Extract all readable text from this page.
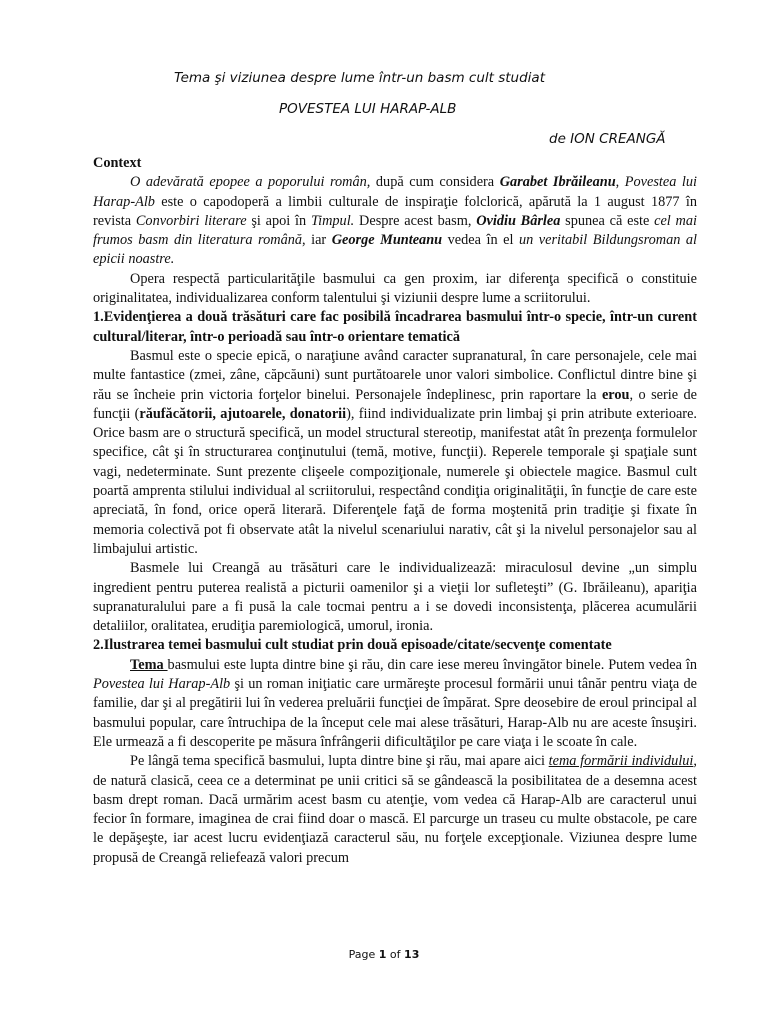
Tema şi viziunea despre lume într-un basm cult studiat
POVESTEA LUI HARAP-ALB
de ION CREANGĂ

Context

O adevărată epopee a poporului român, după cum considera Garabet Ibrăileanu, Povestea lui Harap-Alb este o capodoperă a limbii culturale de inspiraţie folclorică, apărută la 1 august 1877 în revista Convorbiri literare şi apoi în Timpul. Despre acest basm, Ovidiu Bârlea spunea că este cel mai frumos basm din literatura română, iar George Munteanu vedea în el un veritabil Bildungsroman al epicii noastre.

Opera respectă particularităţile basmului ca gen proxim, iar diferenţa specifică o constituie originalitatea, individualizarea conform talentului şi viziunii despre lume a scriitorului.

1.Evidenţierea a două trăsături care fac posibilă încadrarea basmului într-o specie, într-un curent cultural/literar, într-o perioadă sau într-o orientare tematică

Basmul este o specie epică, o naraţiune având caracter supranatural, în care personajele, cele mai multe fantastice (zmei, zâne, căpcăuni) sunt purtătoarele unor valori simbolice. Conflictul dintre bine şi rău se încheie prin victoria forţelor binelui. Personajele îndeplinesc, prin raportare la erou, o serie de funcţii (răufăcătorii, ajutoarele, donatorii), fiind individualizate prin limbaj şi prin atribute exterioare. Orice basm are o structură specifică, un model structural stereotip, manifestat atât în prezenţa formulelor specifice, cât şi în structurarea conţinutului (temă, motive, funcţii). Reperele temporale şi spaţiale sunt vagi, nedeterminate. Sunt prezente clişeele compoziţionale, numerele şi obiectele magice. Basmul cult poartă amprenta stilului individual al scriitorului, respectând condiţia originalităţii, în funcţie de care este apreciată, în fond, orice operă literară. Diferenţele faţă de forma moştenită prin tradiţie şi fixate în memoria colectivă pot fi observate atât la nivelul scenariului narativ, cât şi la nivelul personajelor sau al limbajului artistic.

Basmele lui Creangă au trăsături care le individualizează: miraculosul devine „un simplu ingredient pentru puterea realistă a picturii oamenilor şi a vieţii lor sufleteşti” (G. Ibrăileanu), apariţia supranaturalului pare a fi pusă la cale tocmai pentru a i se dovedi inconsistenţa, plăcerea acumulării detaliilor, oralitatea, erudiţia paremiologică, umorul, ironia.

2.Ilustrarea temei basmului cult studiat prin două episoade/citate/secvenţe comentate

Tema basmului este lupta dintre bine şi rău, din care iese mereu învingător binele. Putem vedea în Povestea lui Harap-Alb şi un roman iniţiatic care urmăreşte procesul formării unui tânăr pentru viaţa de familie, dar şi al pregătirii lui în vederea preluării funcţiei de împărat. Spre deosebire de eroul principal al basmului popular, care întruchipa de la început cele mai alese trăsături, Harap-Alb nu are aceste însuşiri. Ele urmează a fi descoperite pe măsura înfrângerii dificultăţilor pe care viaţa i le scoate în cale.

Pe lângă tema specifică basmului, lupta dintre bine şi rău, mai apare aici tema formării individului, de natură clasică, ceea ce a determinat pe unii critici să se gândească la posibilitatea de a desemna acest basm drept roman. Dacă urmărim acest basm cu atenţie, vom vedea că Harap-Alb are caracterul unui fecior în formare, imaginea de crai fiind doar o mască. El parcurge un traseu cu multe obstacole, pe care le depăşeşte, iar acest lucru evidenţiază caracterul său, nu forţele excepţionale. Viziunea despre lume propusă de Creangă reliefează valori precum

Page 1 of 13
